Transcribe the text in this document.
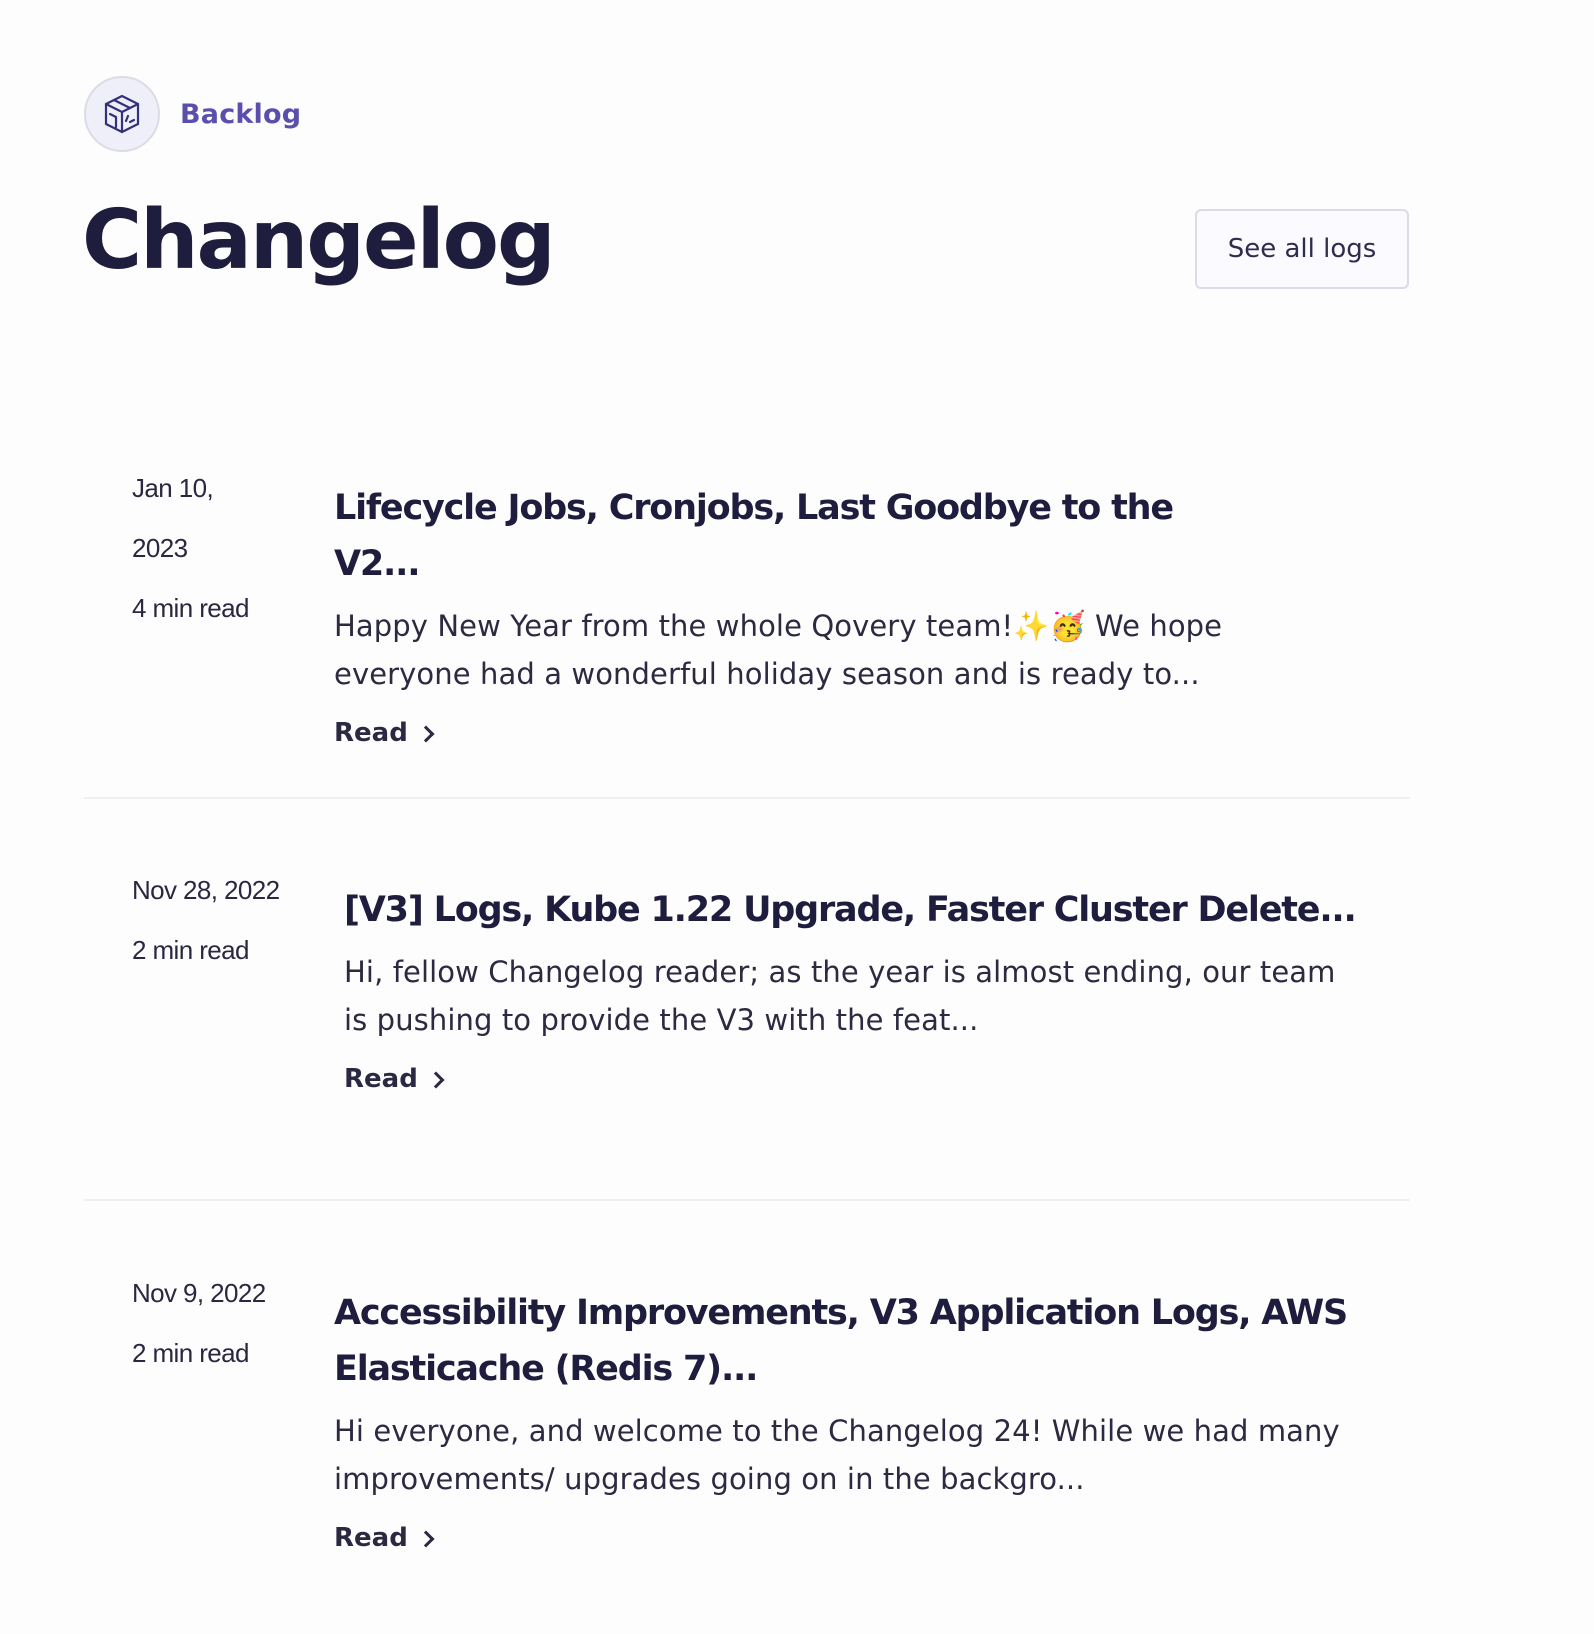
Backlog
Changelog	See all logs
Jan 10,
2023
4 min read
Lifecycle Jobs, Cronjobs, Last Goodbye to the V2...
Happy New Year from the whole Qovery team!✨🥳 We hope everyone had a wonderful holiday season and is ready to...
Read
Nov 28, 2022
2 min read
[V3] Logs, Kube 1.22 Upgrade, Faster Cluster Delete...
Hi, fellow Changelog reader; as the year is almost ending, our team is pushing to provide the V3 with the feat...
Read
Nov 9, 2022
2 min read
Accessibility Improvements, V3 Application Logs, AWS Elasticache (Redis 7)...
Hi everyone, and welcome to the Changelog 24! While we had many improvements/ upgrades going on in the backgro...
Read
